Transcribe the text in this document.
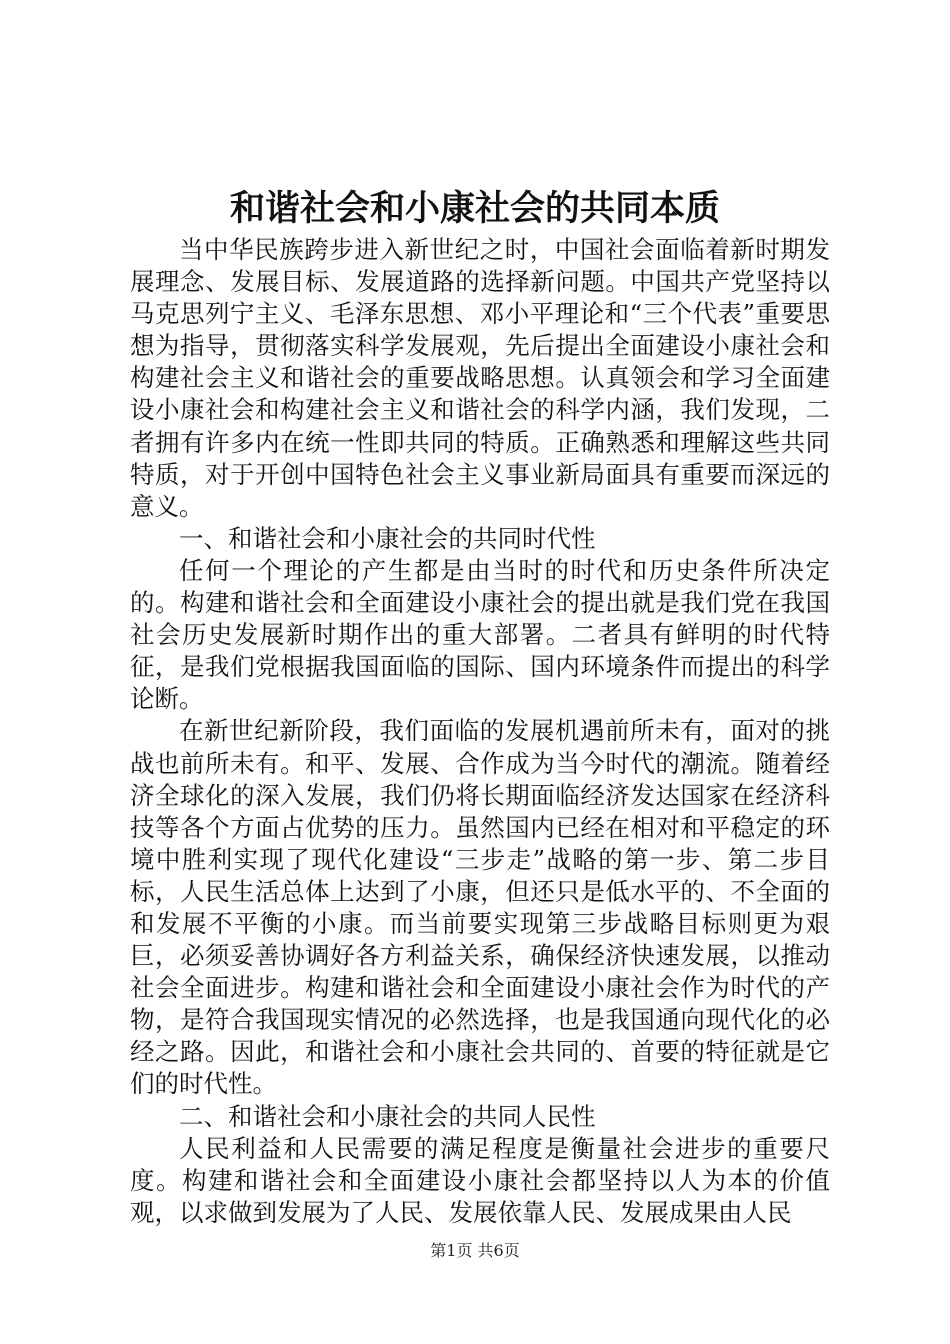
和谐社会和小康社会的共同本质

当中华民族跨步进入新世纪之时，中国社会面临着新时期发展理念、发展目标、发展道路的选择新问题。中国共产党坚持以马克思列宁主义、毛泽东思想、邓小平理论和“三个代表”重要思想为指导，贯彻落实科学发展观，先后提出全面建设小康社会和构建社会主义和谐社会的重要战略思想。认真领会和学习全面建设小康社会和构建社会主义和谐社会的科学内涵，我们发现，二者拥有许多内在统一性即共同的特质。正确熟悉和理解这些共同特质，对于开创中国特色社会主义事业新局面具有重要而深远的意义。

一、和谐社会和小康社会的共同时代性

任何一个理论的产生都是由当时的时代和历史条件所决定的。构建和谐社会和全面建设小康社会的提出就是我们党在我国社会历史发展新时期作出的重大部署。二者具有鲜明的时代特征，是我们党根据我国面临的国际、国内环境条件而提出的科学论断。

在新世纪新阶段，我们面临的发展机遇前所未有，面对的挑战也前所未有。和平、发展、合作成为当今时代的潮流。随着经济全球化的深入发展，我们仍将长期面临经济发达国家在经济科技等各个方面占优势的压力。虽然国内已经在相对和平稳定的环境中胜利实现了现代化建设“三步走”战略的第一步、第二步目标，人民生活总体上达到了小康，但还只是低水平的、不全面的和发展不平衡的小康。而当前要实现第三步战略目标则更为艰巨，必须妥善协调好各方利益关系，确保经济快速发展，以推动社会全面进步。构建和谐社会和全面建设小康社会作为时代的产物，是符合我国现实情况的必然选择，也是我国通向现代化的必经之路。因此，和谐社会和小康社会共同的、首要的特征就是它们的时代性。

二、和谐社会和小康社会的共同人民性

人民利益和人民需要的满足程度是衡量社会进步的重要尺度。构建和谐社会和全面建设小康社会都坚持以人为本的价值观，以求做到发展为了人民、发展依靠人民、发展成果由人民

第1页 共6页
